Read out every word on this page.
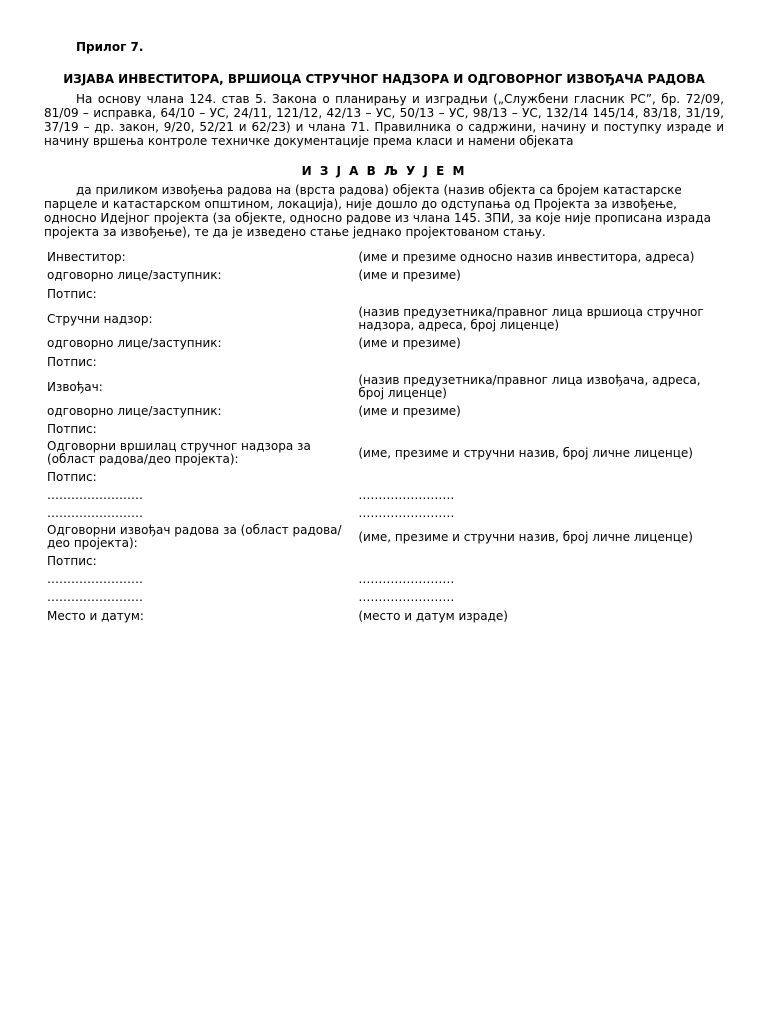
Прилог 7.
ИЗЈАВА ИНВЕСТИТОРА, ВРШИОЦА СТРУЧНОГ НАДЗОРА И ОДГОВОРНОГ ИЗВОЂАЧА РАДОВА
На основу члана 124. став 5. Закона о планирању и изградњи („Службени гласник РС”, бр. 72/09, 81/09 – исправка, 64/10 – УС, 24/11, 121/12, 42/13 – УС, 50/13 – УС, 98/13 – УС, 132/14 145/14, 83/18, 31/19, 37/19 – др. закон, 9/20, 52/21 и 62/23) и члана 71. Правилника о садржини, начину и поступку израде и начину вршења контроле техничке документације према класи и намени објеката
И З Ј А В Љ У Ј Е М
да приликом извођења радова на (врста радова) објекта (назив објекта са бројем катастарске парцеле и катастарском општином, локација), није дошло до одступања од Пројекта за извођење, односно Идејног пројекта (за објекте, односно радове из члана 145. ЗПИ, за које није прописана израда пројекта за извођење), те да је изведено стање једнако пројектованом стању.
Инвеститор:	(име и презиме односно назив инвеститора, адреса)
одговорно лице/заступник:	(име и презиме)
Потпис:	
Стручни надзор:	(назив предузетника/правног лица вршиоца стручног надзора, адреса, број лиценце)
одговорно лице/заступник:	(име и презиме)
Потпис:	
Извођач:	(назив предузетника/правног лица извођача, адреса, број лиценце)
одговорно лице/заступник:	(име и презиме)
Потпис:	
Одговорни вршилац стручног надзора за (област радова/део пројекта):	(име, презиме и стручни назив, број личне лиценце)
Потпис:	
……………………	……………………
……………………	……………………
Одговорни извођач радова за (област радова/део пројекта):	(име, презиме и стручни назив, број личне лиценце)
Потпис:	
……………………	……………………
……………………	……………………
Место и датум:	(место и датум израде)
